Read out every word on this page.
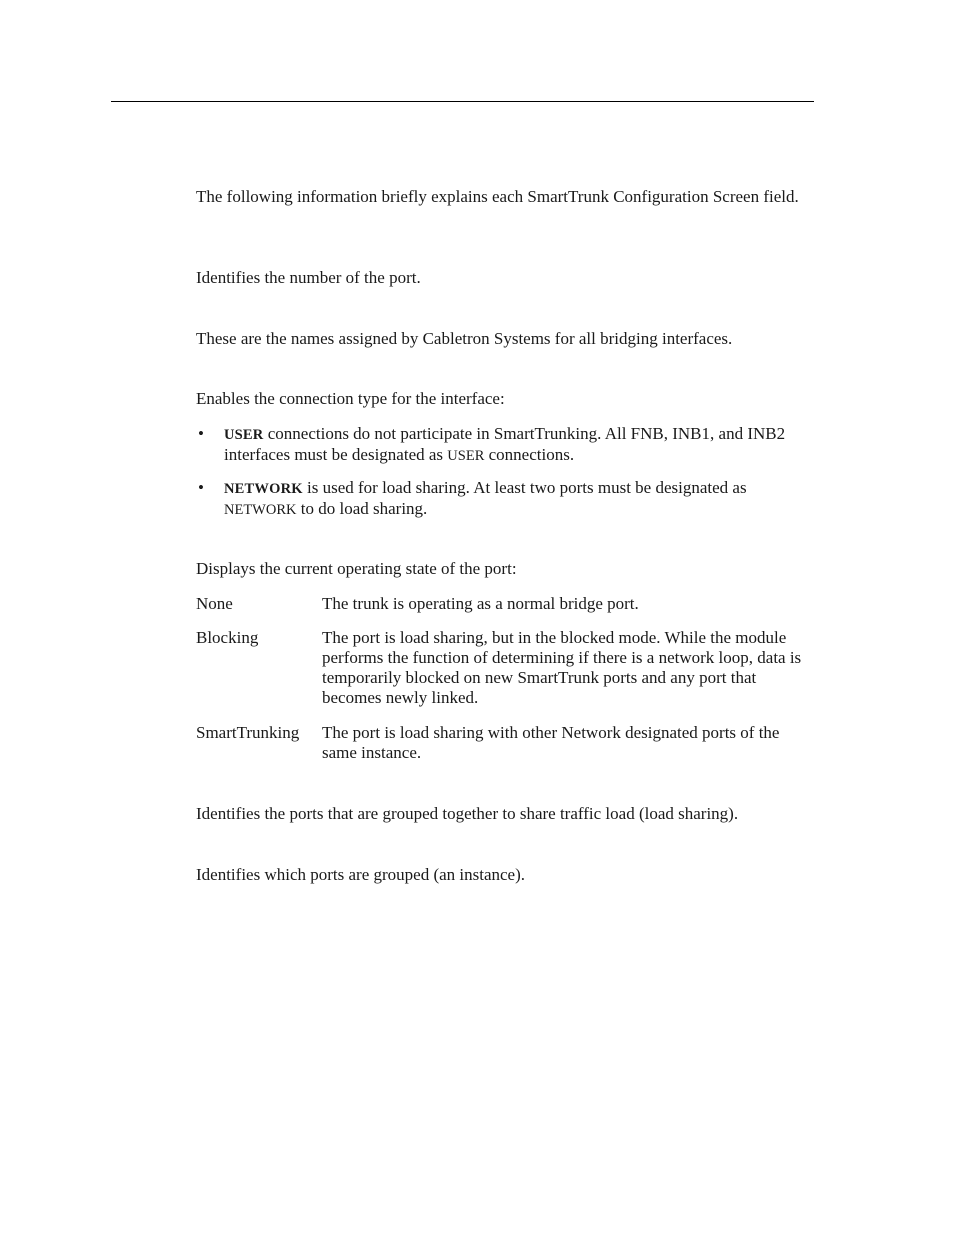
The following information briefly explains each SmartTrunk Configuration Screen field.

Identifies the number of the port.

These are the names assigned by Cabletron Systems for all bridging interfaces.

Enables the connection type for the interface:

• USER connections do not participate in SmartTrunking. All FNB, INB1, and INB2 interfaces must be designated as USER connections.
• NETWORK is used for load sharing. At least two ports must be designated as NETWORK to do load sharing.

Displays the current operating state of the port:

None	The trunk is operating as a normal bridge port.
Blocking	The port is load sharing, but in the blocked mode. While the module performs the function of determining if there is a network loop, data is temporarily blocked on new SmartTrunk ports and any port that becomes newly linked.
SmartTrunking The port is load sharing with other Network designated ports of the same instance.

Identifies the ports that are grouped together to share traffic load (load sharing).

Identifies which ports are grouped (an instance).
